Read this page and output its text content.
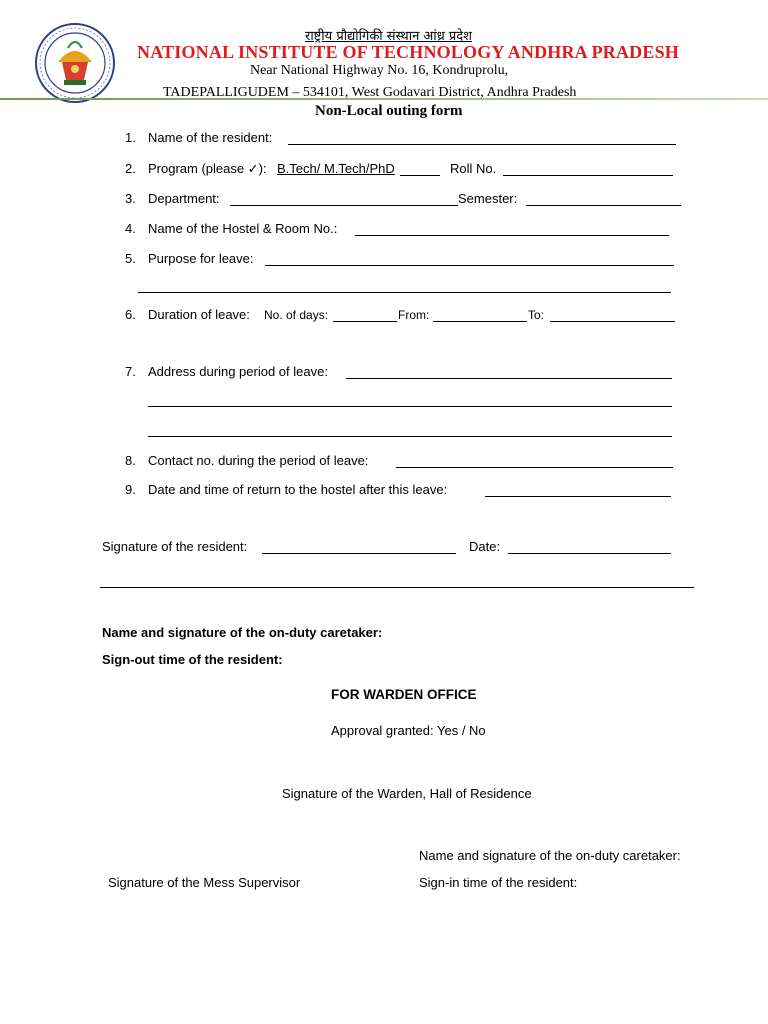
राष्ट्रीय प्रौद्योगिकी संस्थान आंध्र प्रदेश
NATIONAL INSTITUTE OF TECHNOLOGY ANDHRA PRADESH
Near National Highway No. 16, Kondruprolu,
TADEPALLIGUDEM – 534101, West Godavari District, Andhra Pradesh
Non-Local outing form
1. Name of the resident:
2. Program (please ✓): B.Tech/ M.Tech/PhD	Roll No.
3. Department:	Semester:
4. Name of the Hostel & Room No.:
5. Purpose for leave:
6. Duration of leave: No. of days:	From:	To:
7. Address during period of leave:
8. Contact no. during the period of leave:
9. Date and time of return to the hostel after this leave:
Signature of the resident:	Date:
Name and signature of the on-duty caretaker:
Sign-out time of the resident:
FOR WARDEN OFFICE
Approval granted: Yes / No
Signature of the Warden, Hall of Residence
Name and signature of the on-duty caretaker:
Signature of the Mess Supervisor	Sign-in time of the resident:
